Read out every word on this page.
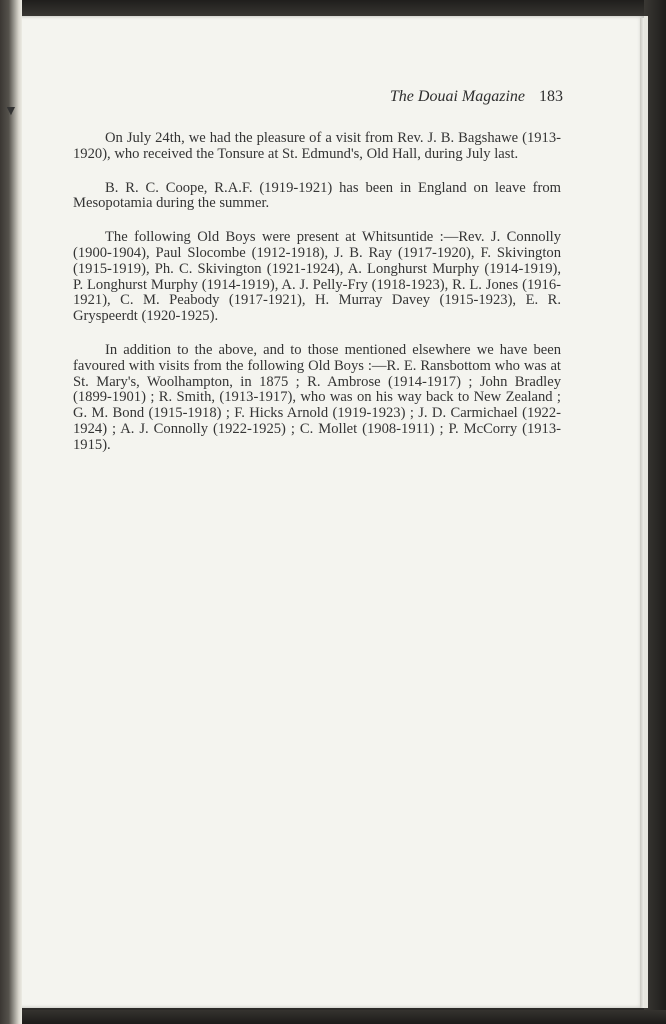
▼
The Douai Magazine 183

On July 24th, we had the pleasure of a visit from Rev. J. B. Bagshawe (1913-1920), who received the Tonsure at St. Edmund's, Old Hall, during July last.

B. R. C. Coope, R.A.F. (1919-1921) has been in England on leave from Mesopotamia during the summer.

The following Old Boys were present at Whitsuntide :—Rev. J. Connolly (1900-1904), Paul Slocombe (1912-1918), J. B. Ray (1917-1920), F. Skivington (1915-1919), Ph. C. Skivington (1921-1924), A. Longhurst Murphy (1914-1919), P. Longhurst Murphy (1914-1919), A. J. Pelly-Fry (1918-1923), R. L. Jones (1916-1921), C. M. Peabody (1917-1921), H. Murray Davey (1915-1923), E. R. Gryspeerdt (1920-1925).

In addition to the above, and to those mentioned elsewhere we have been favoured with visits from the following Old Boys :—R. E. Ransbottom who was at St. Mary's, Woolhampton, in 1875 ; R. Ambrose (1914-1917) ; John Bradley (1899-1901) ; R. Smith, (1913-1917), who was on his way back to New Zealand ; G. M. Bond (1915-1918) ; F. Hicks Arnold (1919-1923) ; J. D. Carmichael (1922-1924) ; A. J. Connolly (1922-1925) ; C. Mollet (1908-1911) ; P. McCorry (1913-1915).
